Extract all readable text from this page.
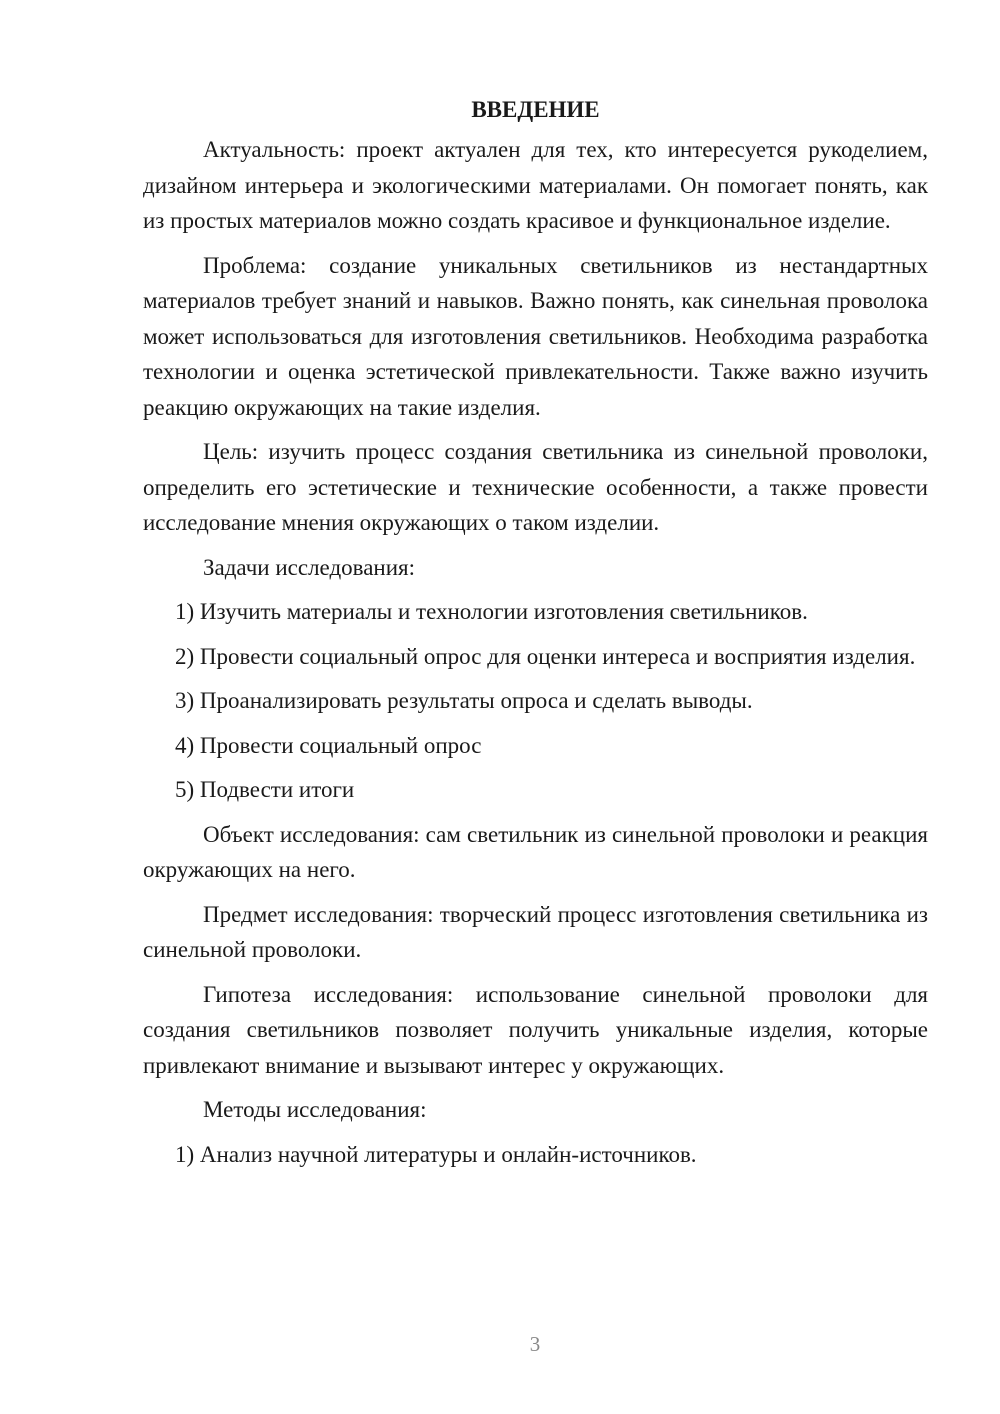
ВВЕДЕНИЕ

Актуальность: проект актуален для тех, кто интересуется рукоделием, дизайном интерьера и экологическими материалами. Он помогает понять, как из простых материалов можно создать красивое и функциональное изделие.

Проблема: создание уникальных светильников из нестандартных материалов требует знаний и навыков. Важно понять, как синельная проволока может использоваться для изготовления светильников. Необходима разработка технологии и оценка эстетической привлекательности. Также важно изучить реакцию окружающих на такие изделия.

Цель: изучить процесс создания светильника из синельной проволоки, определить его эстетические и технические особенности, а также провести исследование мнения окружающих о таком изделии.

Задачи исследования:

1) Изучить материалы и технологии изготовления светильников.

2) Провести социальный опрос для оценки интереса и восприятия изделия.

3) Проанализировать результаты опроса и сделать выводы.

4) Провести социальный опрос

5) Подвести итоги

Объект исследования: сам светильник из синельной проволоки и реакция окружающих на него.

Предмет исследования: творческий процесс изготовления светильника из синельной проволоки.

Гипотеза исследования: использование синельной проволоки для создания светильников позволяет получить уникальные изделия, которые привлекают внимание и вызывают интерес у окружающих.

Методы исследования:

1) Анализ научной литературы и онлайн-источников.

3
